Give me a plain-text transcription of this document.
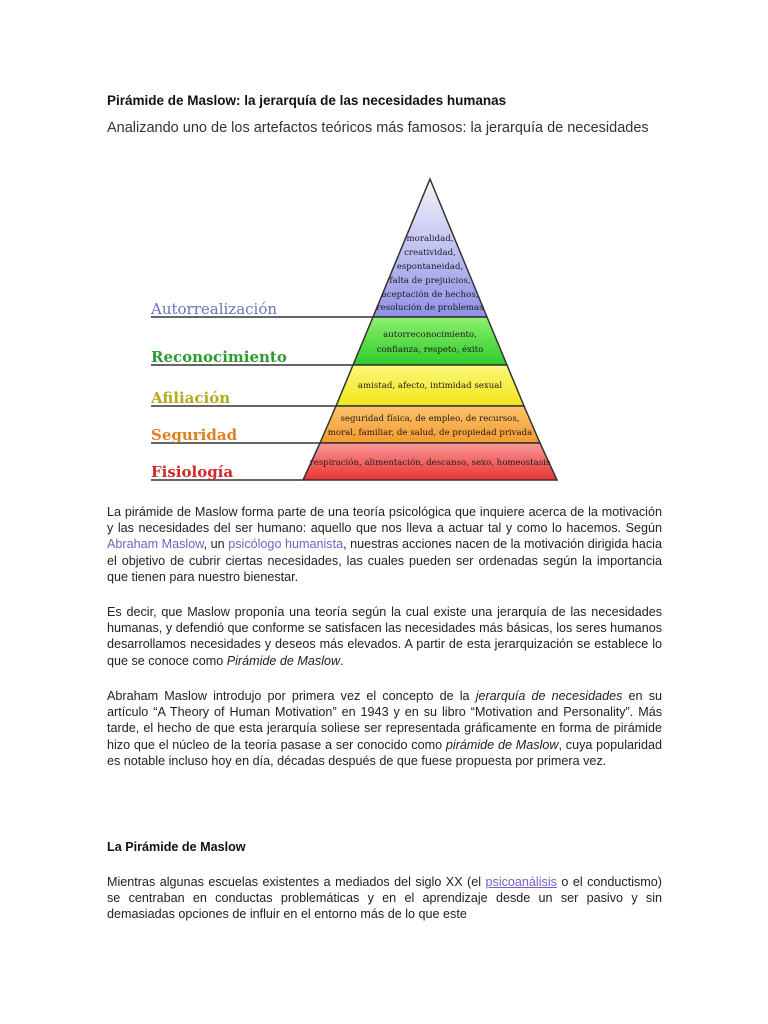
Pirámide de Maslow: la jerarquía de las necesidades humanas

Analizando uno de los artefactos teóricos más famosos: la jerarquía de necesidades

Autorrealización
Reconocimiento
Afiliación
Seguridad
Fisiología
moralidad,
creatividad,
espontaneidad,
falta de prejuicios,
aceptación de hechos,
resolución de problemas
autorreconocimiento,
confianza, respeto, éxito
amistad, afecto, intimidad sexual
seguridad física, de empleo, de recursos,
moral, familiar, de salud, de propiedad privada
respiración, alimentación, descanso, sexo, homeostasis

La pirámide de Maslow forma parte de una teoría psicológica que inquiere acerca de la motivación y las necesidades del ser humano: aquello que nos lleva a actuar tal y como lo hacemos. Según Abraham Maslow, un psicólogo humanista, nuestras acciones nacen de la motivación dirigida hacia el objetivo de cubrir ciertas necesidades, las cuales pueden ser ordenadas según la importancia que tienen para nuestro bienestar.

Es decir, que Maslow proponía una teoría según la cual existe una jerarquía de las necesidades humanas, y defendió que conforme se satisfacen las necesidades más básicas, los seres humanos desarrollamos necesidades y deseos más elevados. A partir de esta jerarquización se establece lo que se conoce como Pirámide de Maslow.

Abraham Maslow introdujo por primera vez el concepto de la jerarquía de necesidades en su artículo “A Theory of Human Motivation” en 1943 y en su libro “Motivation and Personality”. Más tarde, el hecho de que esta jerarquía soliese ser representada gráficamente en forma de pirámide hizo que el núcleo de la teoría pasase a ser conocido como pirámide de Maslow, cuya popularidad es notable incluso hoy en día, décadas después de que fuese propuesta por primera vez.

La Pirámide de Maslow

Mientras algunas escuelas existentes a mediados del siglo XX (el psicoanálisis o el conductismo) se centraban en conductas problemáticas y en el aprendizaje desde un ser pasivo y sin demasiadas opciones de influir en el entorno más de lo que este
